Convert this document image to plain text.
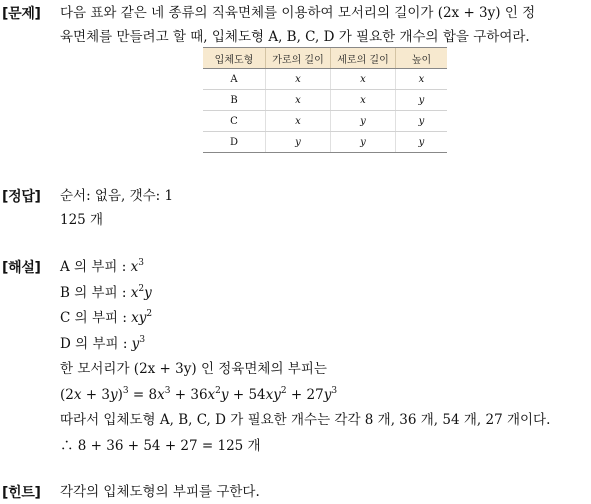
[문제] 다음 표와 같은 네 종류의 직육면체를 이용하여 모서리의 길이가 (2x + 3y) 인 정
육면체를 만들려고 할 때, 입체도형 A, B, C, D 가 필요한 개수의 합을 구하여라.
입체도형	가로의 길이	세로의 길이	높이
A	x	x	x
B	x	x	y
C	x	y	y
D	y	y	y
[정답] 순서: 없음, 갯수: 1
125 개
[해설] A 의 부피 : $x^3$
B 의 부피 : $x^2y$
C 의 부피 : $xy^2$
D 의 부피 : $y^3$
한 모서리가 (2x + 3y) 인 정육면체의 부피는
$(2x + 3y)^3 = 8x^3 + 36x^2y + 54xy^2 + 27y^3$
따라서 입체도형 A, B, C, D 가 필요한 개수는 각각 8 개, 36 개, 54 개, 27 개이다.
∴ 8 + 36 + 54 + 27 = 125 개
[힌트] 각각의 입체도형의 부피를 구한다.
